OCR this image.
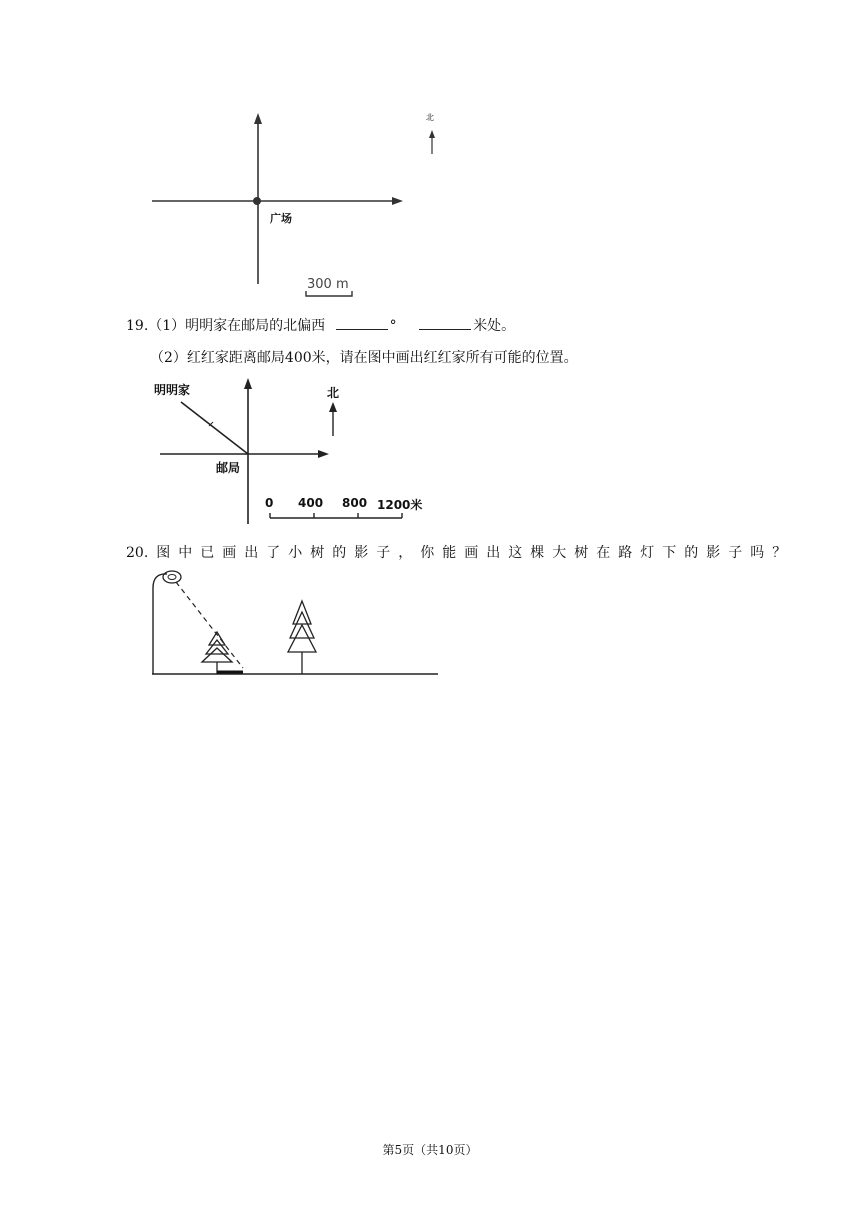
广场
北
300 m
19.（1）明明家在邮局的北偏西	°	米处。
（2）红红家距离邮局400米，请在图中画出红红家所有可能的位置。
明明家
邮局
北
0 400 800 1200米
20. 图中已画出了小树的影子，你能画出这棵大树在路灯下的影子吗？
第5页（共10页）
